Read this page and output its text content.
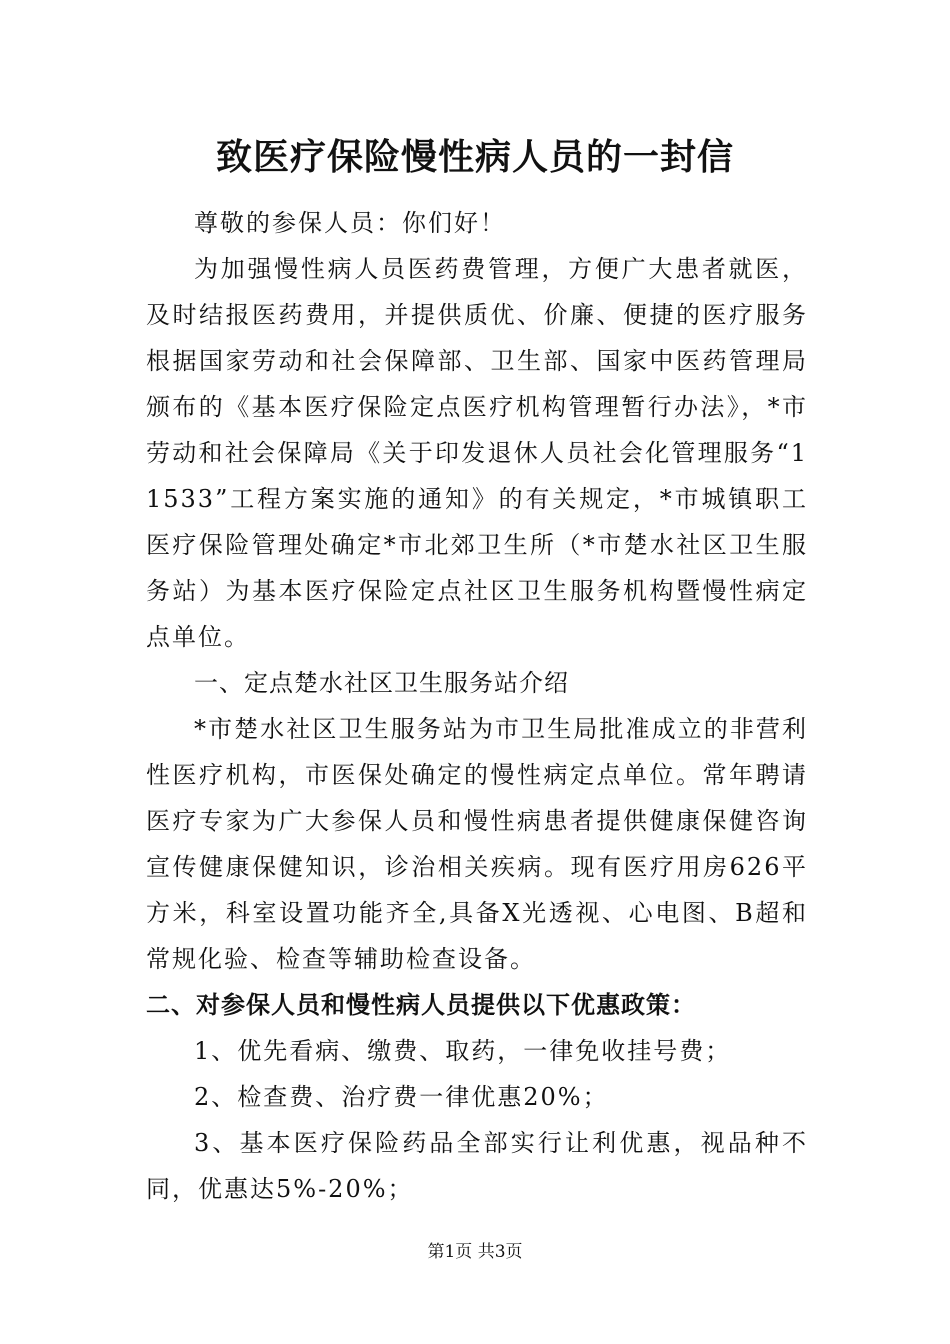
致医疗保险慢性病人员的一封信

尊敬的参保人员：你们好！

为加强慢性病人员医药费管理，方便广大患者就医，及时结报医药费用，并提供质优、价廉、便捷的医疗服务根据国家劳动和社会保障部、卫生部、国家中医药管理局颁布的《基本医疗保险定点医疗机构管理暂行办法》，*市劳动和社会保障局《关于印发退休人员社会化管理服务“11533”工程方案实施的通知》的有关规定，*市城镇职工医疗保险管理处确定*市北郊卫生所（*市楚水社区卫生服务站）为基本医疗保险定点社区卫生服务机构暨慢性病定点单位。

一、定点楚水社区卫生服务站介绍

*市楚水社区卫生服务站为市卫生局批准成立的非营利性医疗机构，市医保处确定的慢性病定点单位。常年聘请医疗专家为广大参保人员和慢性病患者提供健康保健咨询宣传健康保健知识，诊治相关疾病。现有医疗用房626平方米，科室设置功能齐全,具备X光透视、心电图、B超和常规化验、检查等辅助检查设备。

二、对参保人员和慢性病人员提供以下优惠政策：

1、优先看病、缴费、取药，一律免收挂号费；

2、检查费、治疗费一律优惠20%；

3、基本医疗保险药品全部实行让利优惠，视品种不同，优惠达5%-20%；

第1页 共3页
